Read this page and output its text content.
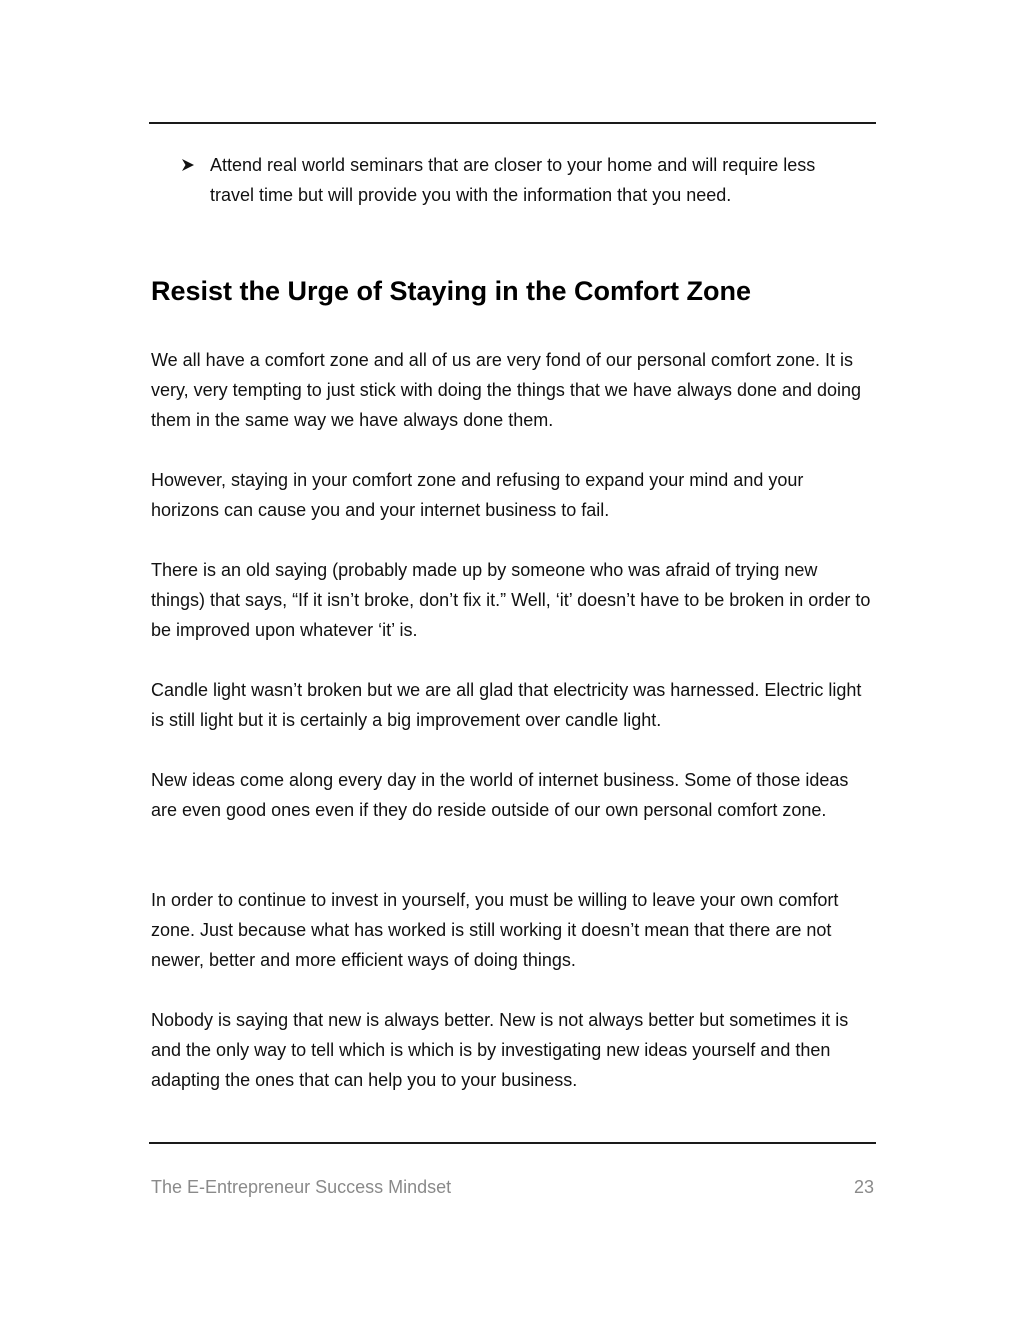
Attend real world seminars that are closer to your home and will require less travel time but will provide you with the information that you need.
Resist the Urge of Staying in the Comfort Zone

We all have a comfort zone and all of us are very fond of our personal comfort zone. It is very, very tempting to just stick with doing the things that we have always done and doing them in the same way we have always done them.

However, staying in your comfort zone and refusing to expand your mind and your horizons can cause you and your internet business to fail.

There is an old saying (probably made up by someone who was afraid of trying new things) that says, “If it isn’t broke, don’t fix it.” Well, ‘it’ doesn’t have to be broken in order to be improved upon whatever ‘it’ is.

Candle light wasn’t broken but we are all glad that electricity was harnessed. Electric light is still light but it is certainly a big improvement over candle light.

New ideas come along every day in the world of internet business. Some of those ideas are even good ones even if they do reside outside of our own personal comfort zone.

In order to continue to invest in yourself, you must be willing to leave your own comfort zone. Just because what has worked is still working it doesn’t mean that there are not newer, better and more efficient ways of doing things.

Nobody is saying that new is always better. New is not always better but sometimes it is and the only way to tell which is which is by investigating new ideas yourself and then adapting the ones that can help you to your business.

The E-Entrepreneur Success Mindset	23
